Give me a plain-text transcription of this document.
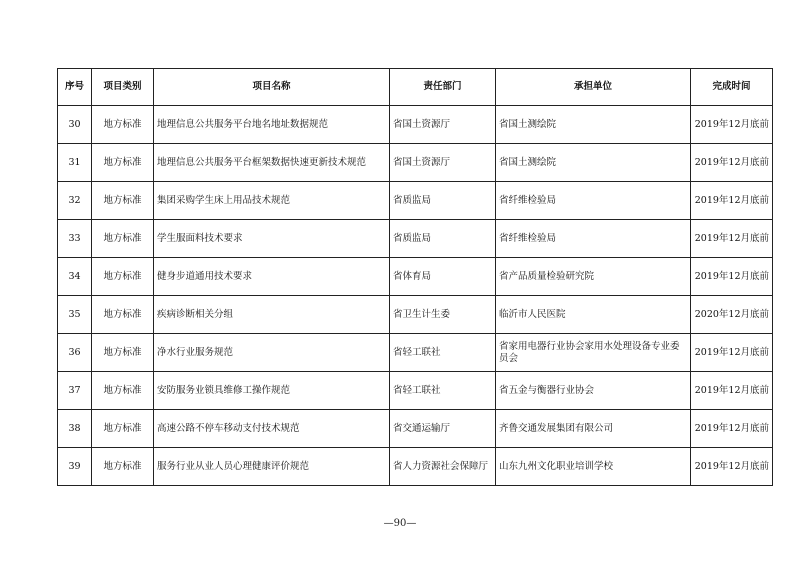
序号	项目类别	项目名称	责任部门	承担单位	完成时间
30	地方标准	地理信息公共服务平台地名地址数据规范	省国土资源厅	省国土测绘院	2019年12月底前
31	地方标准	地理信息公共服务平台框架数据快速更新技术规范	省国土资源厅	省国土测绘院	2019年12月底前
32	地方标准	集团采购学生床上用品技术规范	省质监局	省纤维检验局	2019年12月底前
33	地方标准	学生服面料技术要求	省质监局	省纤维检验局	2019年12月底前
34	地方标准	健身步道通用技术要求	省体育局	省产品质量检验研究院	2019年12月底前
35	地方标准	疾病诊断相关分组	省卫生计生委	临沂市人民医院	2020年12月底前
36	地方标准	净水行业服务规范	省轻工联社	省家用电器行业协会家用水处理设备专业委员会	2019年12月底前
37	地方标准	安防服务业锁具维修工操作规范	省轻工联社	省五金与衡器行业协会	2019年12月底前
38	地方标准	高速公路不停车移动支付技术规范	省交通运输厅	齐鲁交通发展集团有限公司	2019年12月底前
39	地方标准	服务行业从业人员心理健康评价规范	省人力资源社会保障厅	山东九州文化职业培训学校	2019年12月底前
—90—
